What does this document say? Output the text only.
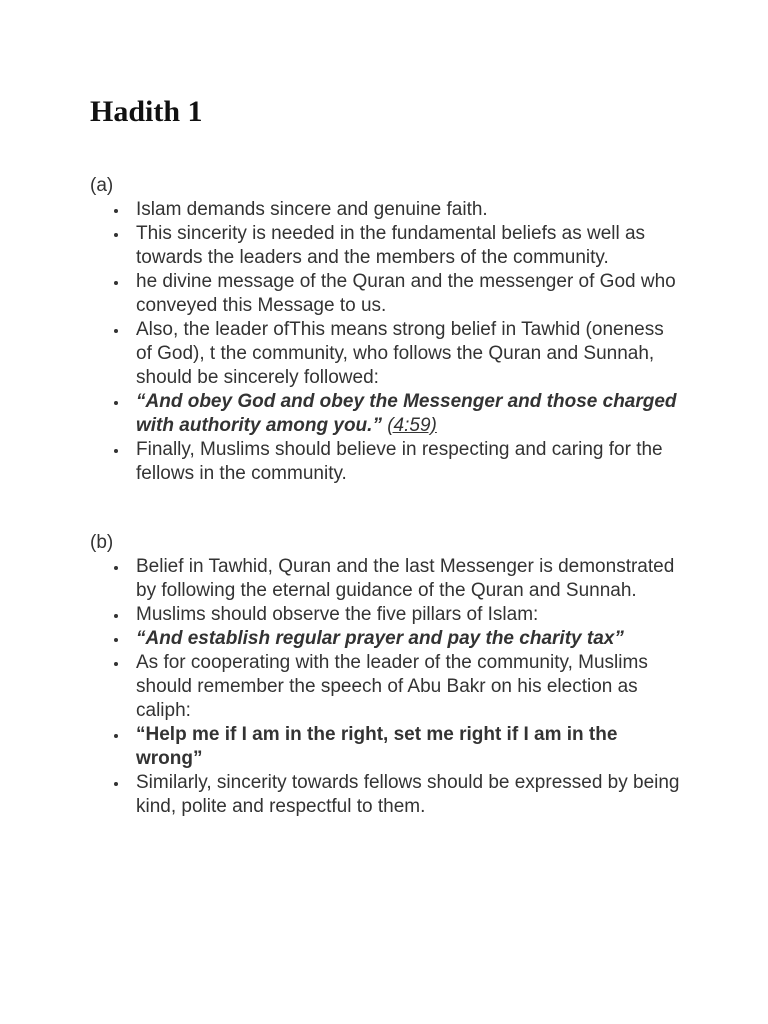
Hadith 1

(a)

Islam demands sincere and genuine faith.
This sincerity is needed in the fundamental beliefs as well as towards the leaders and the members of the community.
he divine message of the Quran and the messenger of God who conveyed this Message to us.
Also, the leader ofThis means strong belief in Tawhid (oneness of God), t the community, who follows the Quran and Sunnah, should be sincerely followed:
“And obey God and obey the Messenger and those charged with authority among you.” (4:59)
Finally, Muslims should believe in respecting and caring for the fellows in the community.

(b)

Belief in Tawhid, Quran and the last Messenger is demonstrated by following the eternal guidance of the Quran and Sunnah.
Muslims should observe the five pillars of Islam:
“And establish regular prayer and pay the charity tax”
As for cooperating with the leader of the community, Muslims should remember the speech of Abu Bakr on his election as caliph:
“Help me if I am in the right, set me right if I am in the wrong”
Similarly, sincerity towards fellows should be expressed by being kind, polite and respectful to them.
